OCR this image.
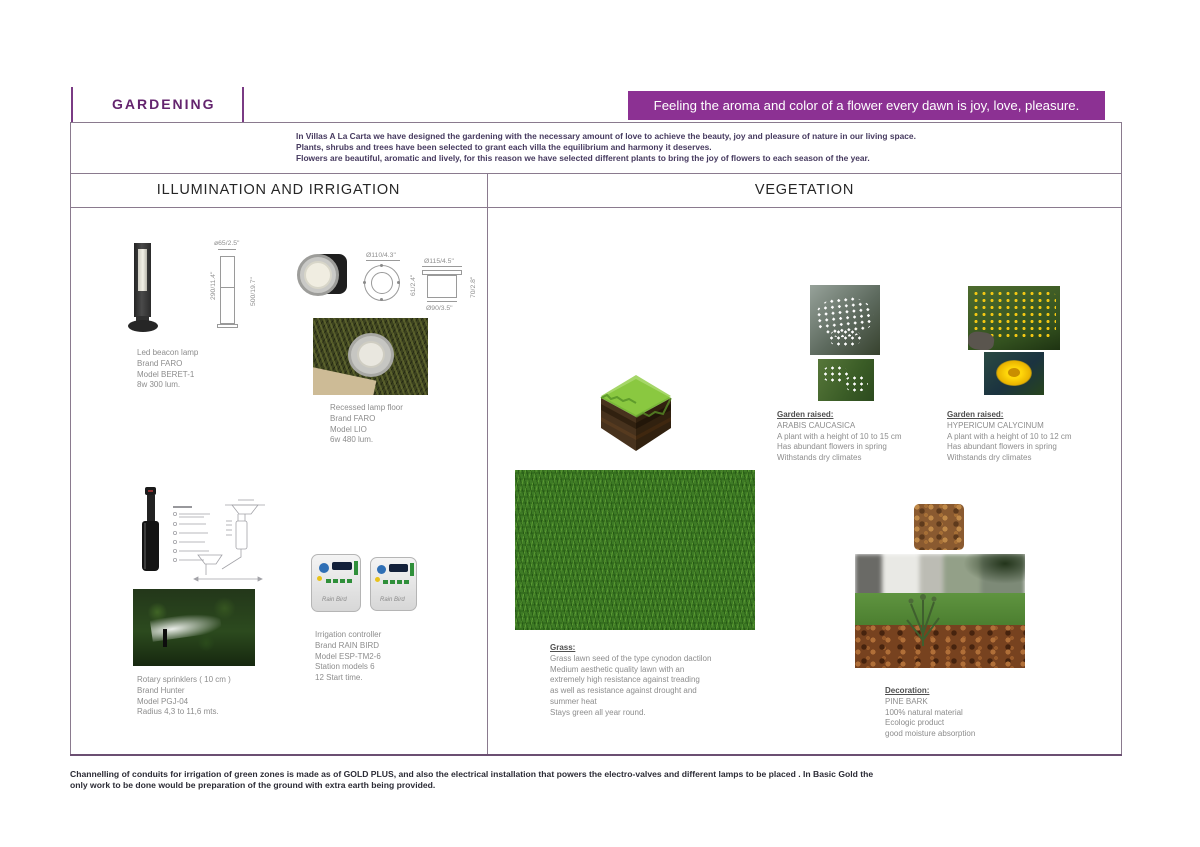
GARDENING	Feeling the aroma and color of a flower every dawn is joy, love, pleasure.
In Villas A La Carta we have designed the gardening with the necessary amount of love to achieve the beauty, joy and pleasure of nature in our living space.
Plants, shrubs and trees have been selected to grant each villa the equilibrium and harmony it deserves.
Flowers are beautiful, aromatic and lively, for this reason we have selected different plants to bring the joy of flowers to each season of the year.
ILLUMINATION AND IRRIGATION	VEGETATION
ø65/2.5"
290/11.4"	500/19.7"
Led beacon lamp
Brand FARO
Model BERET-1
8w 300 lum.
Ø110/4.3"
Ø115/4.5"
61/2.4"	70/2.8"
Ø90/3.5"
Recessed lamp floor
Brand FARO
Model LIO
6w 480 lum.
Rotary sprinklers ( 10 cm )
Brand Hunter
Model PGJ-04
Radius 4,3 to 11,6 mts.
Rain Bird	Rain Bird
Irrigation controller
Brand RAIN BIRD
Model ESP-TM2-6
Station models 6
12 Start time.
Garden raised:
ARABIS CAUCASICA
A plant with a height of 10 to 15 cm
Has abundant flowers in spring
Withstands dry climates
Garden raised:
HYPERICUM CALYCINUM
A plant with a height of 10 to 12 cm
Has abundant flowers in spring
Withstands dry climates
Grass:
Grass lawn seed of the type cynodon dactilon
Medium aesthetic quality lawn with an
extremely high resistance against treading
as well as resistance against drought and
summer heat
Stays green all year round.
Decoration:
PINE BARK
100% natural material
Ecologic product
good moisture absorption
Channelling of conduits for irrigation of green zones is made as of GOLD PLUS, and also the electrical installation that powers the electro-valves and different lamps to be placed . In Basic Gold the
only work to be done would be preparation of the ground with extra earth being provided.
